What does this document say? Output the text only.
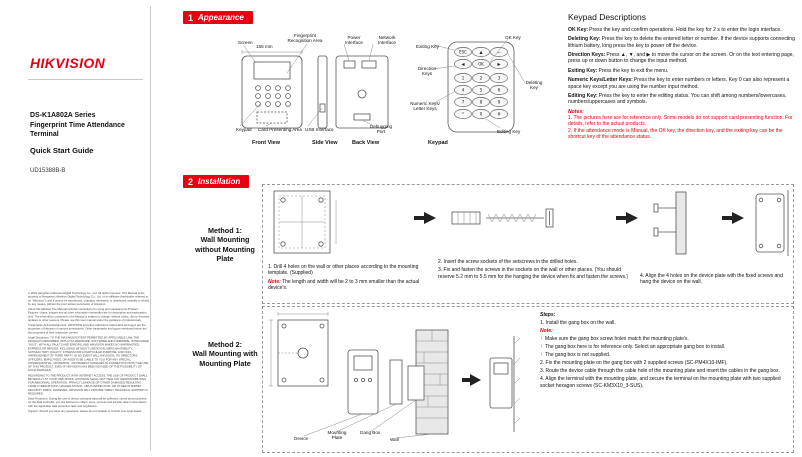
HIKVISION
DS-K1A802A Series
Fingerprint Time Attendance Terminal
Quick Start Guide
UD15388B-B
1 Appearance
Screen
Fingerprint Recognition Area
155 mm
Power Interface
Network Interface
Keypad Card Presenting Area USB Interface
Debugging Port
Front View	Side View	Back View	Keypad
ESC	▲	←
◀	OK	▶
1	2	3
4	5	6
7	8	9
*	0	#
Exiting Key
OK Key
Direction Keys
Deleting Key
Numeric Keys/ Letter Keys
Editing Key
Keypad Descriptions

OK Key:Press the key and confirm operations. Hold the key for 2 s to enter the login interface.

Deleting Key:Press the key to delete the entered letter or number. If the device supports connecting lithium battery, long press the key to power off the device.

Direction Keys:Press ▲, ▼, and ▶ to move the cursor on the screen. Or on the text entering page, press up or down button to change the input method.

Exiting Key:Press the key to exit the menu.

Numeric Keys/Letter Keys:Press the key to enter numbers or letters. Key 0 can also represent a space key except you are using the number input method.

Editing Key:Press the key to enter the editing status. You can shift among numbers/lowercases, numbers/uppercases and symbols.

Notes:

1. The pictures here are for reference only. Some models do not support card presenting function. For details, refer to the actual products.

2. If the attendance mode is Manual, the OK key, the direction key, and the exiting key can be the shortcut key of the attendance status.

2 Installation
Method 1:
Wall Mounting without Mounting Plate

1. Drill 4 holes on the wall or other places according to the mounting template. (Supplied)

Note: The length and width will be 2 to 3 mm smaller than the actual device's.

2. Insert the screw sockets of the setscrews in the drilled holes.

3. Fix and fasten the screws in the sockets on the wall or other places. (You should reserve 5.2 mm to 5.5 mm for the hanging the device when fix and fasten the screws.)	4. Align the 4 holes on the device plate with the fixed screws and hang the device on the wall.

Method 2:
Wall Mounting with Mounting Plate
Device
Mounting Plate
Gang Box
Wall

Steps:

1. Install the gang box on the wall.

Note:

· Make sure the gang box screw holes match the mounting plate's.

· The gang box here is for reference only. Select an appropriate gang box to install.

· The gang box is not supplied.

2. Fix the mounting plate on the gang box with 2 supplied screws (SC-PM4X10-IMF).

3. Route the device cable through the cable hole of the mounting plate and insert the cables in the gang box.

4. Align the terminal with the mounting plate, and secure the terminal on the mounting plate with two supplied socket hexagon screws (SC-KM3X10_3-SUS).

© 2022 Hangzhou Hikvision Digital Technology Co., Ltd. All rights reserved. This Manual is the property of Hangzhou Hikvision Digital Technology Co., Ltd. or its affiliates (hereinafter referred to as "Hikvision"), and it cannot be reproduced, changed, translated, or distributed, partially or wholly, by any means, without the prior written permission of Hikvision.

About this Manual: The Manual includes instructions for using and managing the Product. Pictures, charts, images and all other information hereinafter are for description and explanation only. The information contained in the Manual is subject to change, without notice, due to firmware updates or other reasons. Please use this user manual under the guidance of professionals.

Trademarks Acknowledgement: HIKVISION and other Hikvision's trademarks and logos are the properties of Hikvision in various jurisdictions. Other trademarks and logos mentioned below are the properties of their respective owners.

Legal Disclaimer: TO THE MAXIMUM EXTENT PERMITTED BY APPLICABLE LAW, THE PRODUCT DESCRIBED, WITH ITS HARDWARE, SOFTWARE AND FIRMWARE, IS PROVIDED "AS IS", WITH ALL FAULTS AND ERRORS, AND HIKVISION MAKES NO WARRANTIES, EXPRESS OR IMPLIED, INCLUDING WITHOUT LIMITATION, MERCHANTABILITY, SATISFACTORY QUALITY, FITNESS FOR A PARTICULAR PURPOSE, AND NON-INFRINGEMENT OF THIRD PARTY. IN NO EVENT WILL HIKVISION, ITS DIRECTORS, OFFICERS, EMPLOYEES, OR AGENTS BE LIABLE TO YOU FOR ANY SPECIAL, CONSEQUENTIAL, INCIDENTAL, OR INDIRECT DAMAGES IN CONNECTION WITH THE USE OF THIS PRODUCT, EVEN IF HIKVISION HAS BEEN ADVISED OF THE POSSIBILITY OF SUCH DAMAGES.

REGARDING TO THE PRODUCT WITH INTERNET ACCESS, THE USE OF PRODUCT SHALL BE WHOLLY AT YOUR OWN RISKS. HIKVISION SHALL NOT TAKE ANY RESPONSIBILITIES FOR ABNORMAL OPERATION, PRIVACY LEAKAGE OR OTHER DAMAGES RESULTING FROM CYBER ATTACK, HACKER ATTACK, VIRUS INSPECTION, OR OTHER INTERNET SECURITY RISKS; HOWEVER, HIKVISION WILL PROVIDE TIMELY TECHNICAL SUPPORT IF REQUIRED.

Data Protection: During the use of device, personal data will be collected, stored and processed. As the data controller, you are advised to collect, store, process and transfer data in accordance with the applicable data protection laws and regulations.

Support: Should you have any questions, please do not hesitate to contact your local dealer.
